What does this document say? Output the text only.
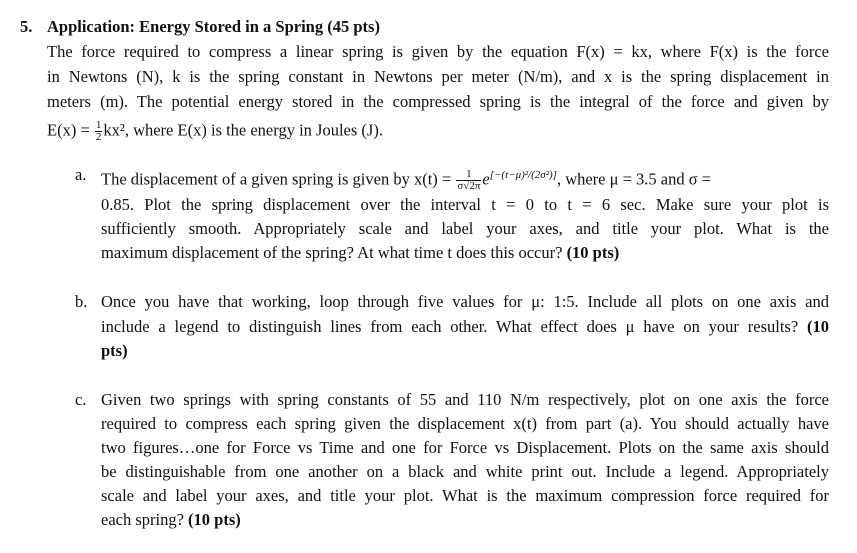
5. Application: Energy Stored in a Spring (45 pts)
The force required to compress a linear spring is given by the equation F(x) = kx, where F(x) is the force
in Newtons (N), k is the spring constant in Newtons per meter (N/m), and x is the spring displacement in
meters (m). The potential energy stored in the compressed spring is the integral of the force and given by
$E(x) = \frac{1}{2} kx^2$, where E(x) is the energy in Joules (J).
a. The displacement of a given spring is given by $x(t) = \frac{1}{\sigma√2\pi} e[-(t-\mu)^2/(2\sigma^2)]$, where μ = 3.5 and σ =
0.85. Plot the spring displacement over the interval t = 0 to t = 6 sec. Make sure your plot is
sufficiently smooth. Appropriately scale and label your axes, and title your plot. What is the
maximum displacement of the spring? At what time t does this occur? (10 pts)
b. Once you have that working, loop through five values for μ: 1:5. Include all plots on one axis and
include a legend to distinguish lines from each other. What effect does μ have on your results? (10
pts)
c. Given two springs with spring constants of 55 and 110 N/m respectively, plot on one axis the force
required to compress each spring given the displacement x(t) from part (a). You should actually have
two figures…one for Force vs Time and one for Force vs Displacement. Plots on the same axis should
be distinguishable from one another on a black and white print out. Include a legend. Appropriately
scale and label your axes, and title your plot. What is the maximum compression force required for
each spring? (10 pts)
